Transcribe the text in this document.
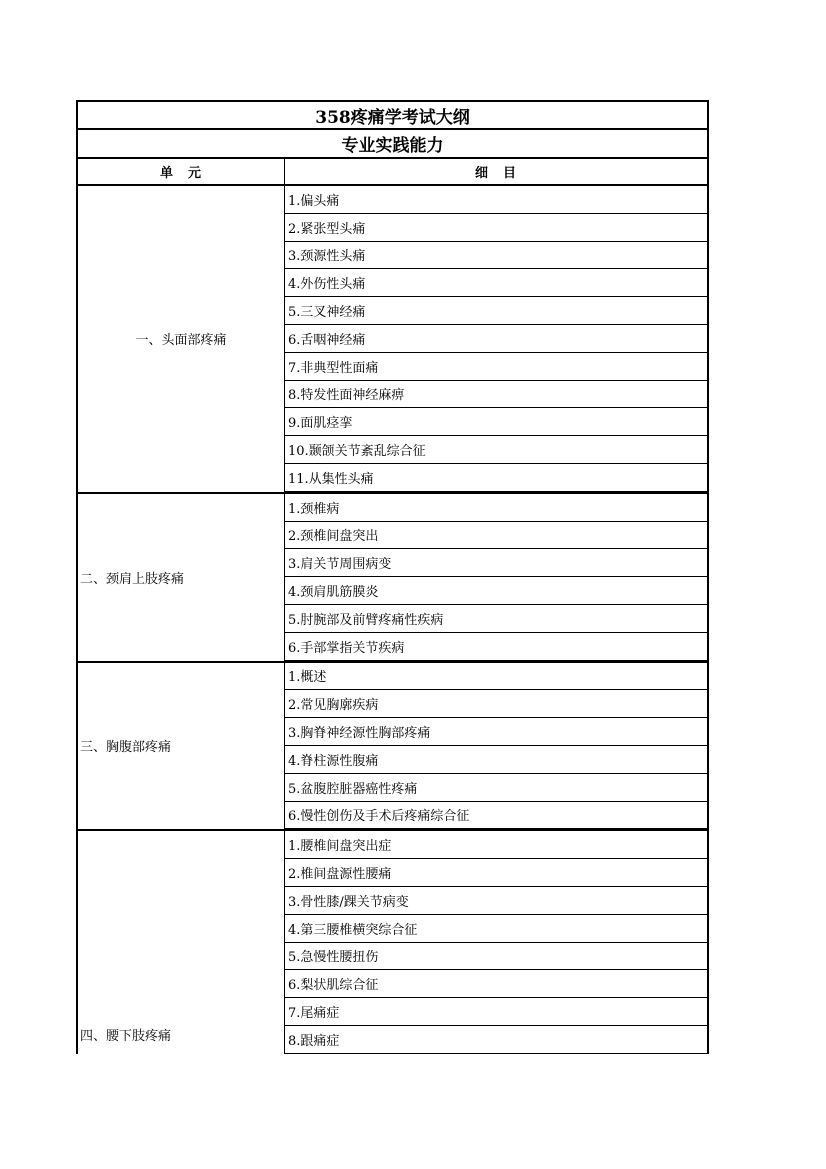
358疼痛学考试大纲
专业实践能力
单　元	细　目
一、头面部疼痛
1.偏头痛
2.紧张型头痛
3.颈源性头痛
4.外伤性头痛
5.三叉神经痛
6.舌咽神经痛
7.非典型性面痛
8.特发性面神经麻痹
9.面肌痉挛
10.颞颌关节紊乱综合征
11.从集性头痛
二、颈肩上肢疼痛
1.颈椎病
2.颈椎间盘突出
3.肩关节周围病变
4.颈肩肌筋膜炎
5.肘腕部及前臂疼痛性疾病
6.手部掌指关节疾病
三、胸腹部疼痛
1.概述
2.常见胸廓疾病
3.胸脊神经源性胸部疼痛
4.脊柱源性腹痛
5.盆腹腔脏器癌性疼痛
6.慢性创伤及手术后疼痛综合征
四、腰下肢疼痛
1.腰椎间盘突出症
2.椎间盘源性腰痛
3.骨性膝/踝关节病变
4.第三腰椎横突综合征
5.急慢性腰扭伤
6.梨状肌综合征
7.尾痛症
8.跟痛症
